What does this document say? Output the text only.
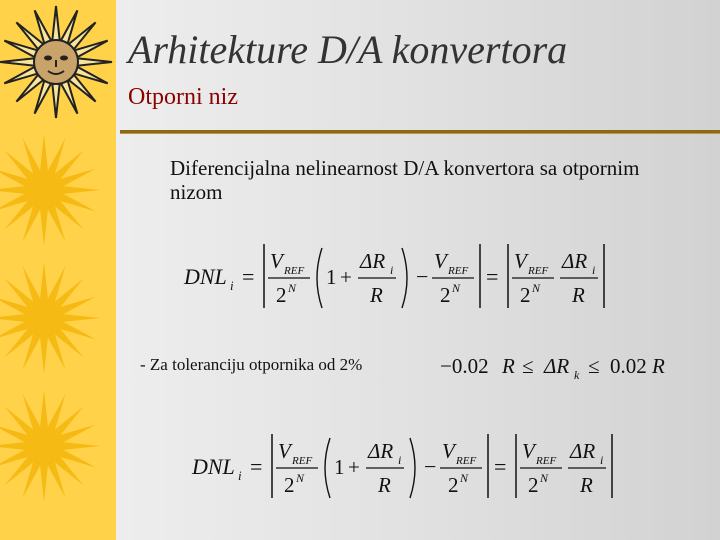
Arhitekture D/A konvertora
Otporni niz
Diferencijalna nelinearnost D/A konvertora sa otpornim nizom
DNL i =
V REF
2 N 1 +
ΔR i
R
−
V REF
2 N =
V REF
2 N
ΔR i
R
- Za toleranciju otpornika od 2%	−0.02 R ≤ ΔR k ≤ 0.02 R
DNL i =
V REF
2 N 1 +
ΔR i
R
−
V REF
2 N =
V REF
2 N
ΔR i
R
